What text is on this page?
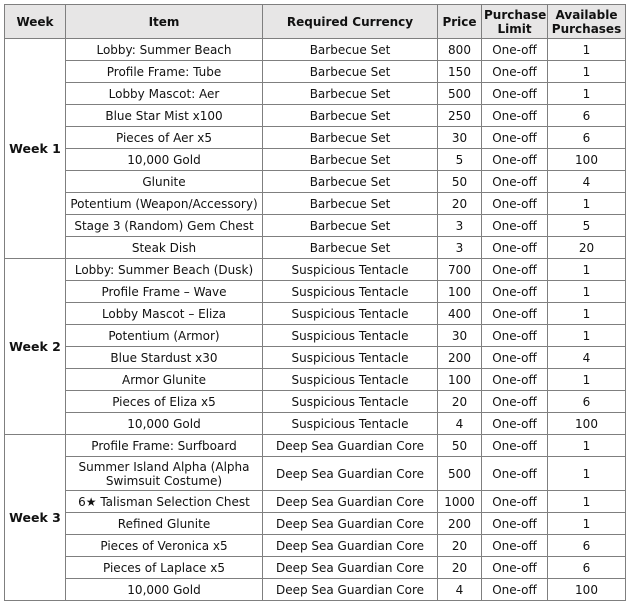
Week	Item	Required Currency	Price	Purchase Limit	Available Purchases
Week 1	Lobby: Summer Beach	Barbecue Set	800	One-off	1
	Profile Frame: Tube	Barbecue Set	150	One-off	1
	Lobby Mascot: Aer	Barbecue Set	500	One-off	1
	Blue Star Mist x100	Barbecue Set	250	One-off	6
	Pieces of Aer x5	Barbecue Set	30	One-off	6
	10,000 Gold	Barbecue Set	5	One-off	100
	Glunite	Barbecue Set	50	One-off	4
	Potentium (Weapon/Accessory)	Barbecue Set	20	One-off	1
	Stage 3 (Random) Gem Chest	Barbecue Set	3	One-off	5
	Steak Dish	Barbecue Set	3	One-off	20
Week 2	Lobby: Summer Beach (Dusk)	Suspicious Tentacle	700	One-off	1
	Profile Frame – Wave	Suspicious Tentacle	100	One-off	1
	Lobby Mascot – Eliza	Suspicious Tentacle	400	One-off	1
	Potentium (Armor)	Suspicious Tentacle	30	One-off	1
	Blue Stardust x30	Suspicious Tentacle	200	One-off	4
	Armor Glunite	Suspicious Tentacle	100	One-off	1
	Pieces of Eliza x5	Suspicious Tentacle	20	One-off	6
	10,000 Gold	Suspicious Tentacle	4	One-off	100
Week 3	Profile Frame: Surfboard	Deep Sea Guardian Core	50	One-off	1
	Summer Island Alpha (Alpha Swimsuit Costume)	Deep Sea Guardian Core	500	One-off	1
	6★ Talisman Selection Chest	Deep Sea Guardian Core	1000	One-off	1
	Refined Glunite	Deep Sea Guardian Core	200	One-off	1
	Pieces of Veronica x5	Deep Sea Guardian Core	20	One-off	6
	Pieces of Laplace x5	Deep Sea Guardian Core	20	One-off	6
	10,000 Gold	Deep Sea Guardian Core	4	One-off	100
